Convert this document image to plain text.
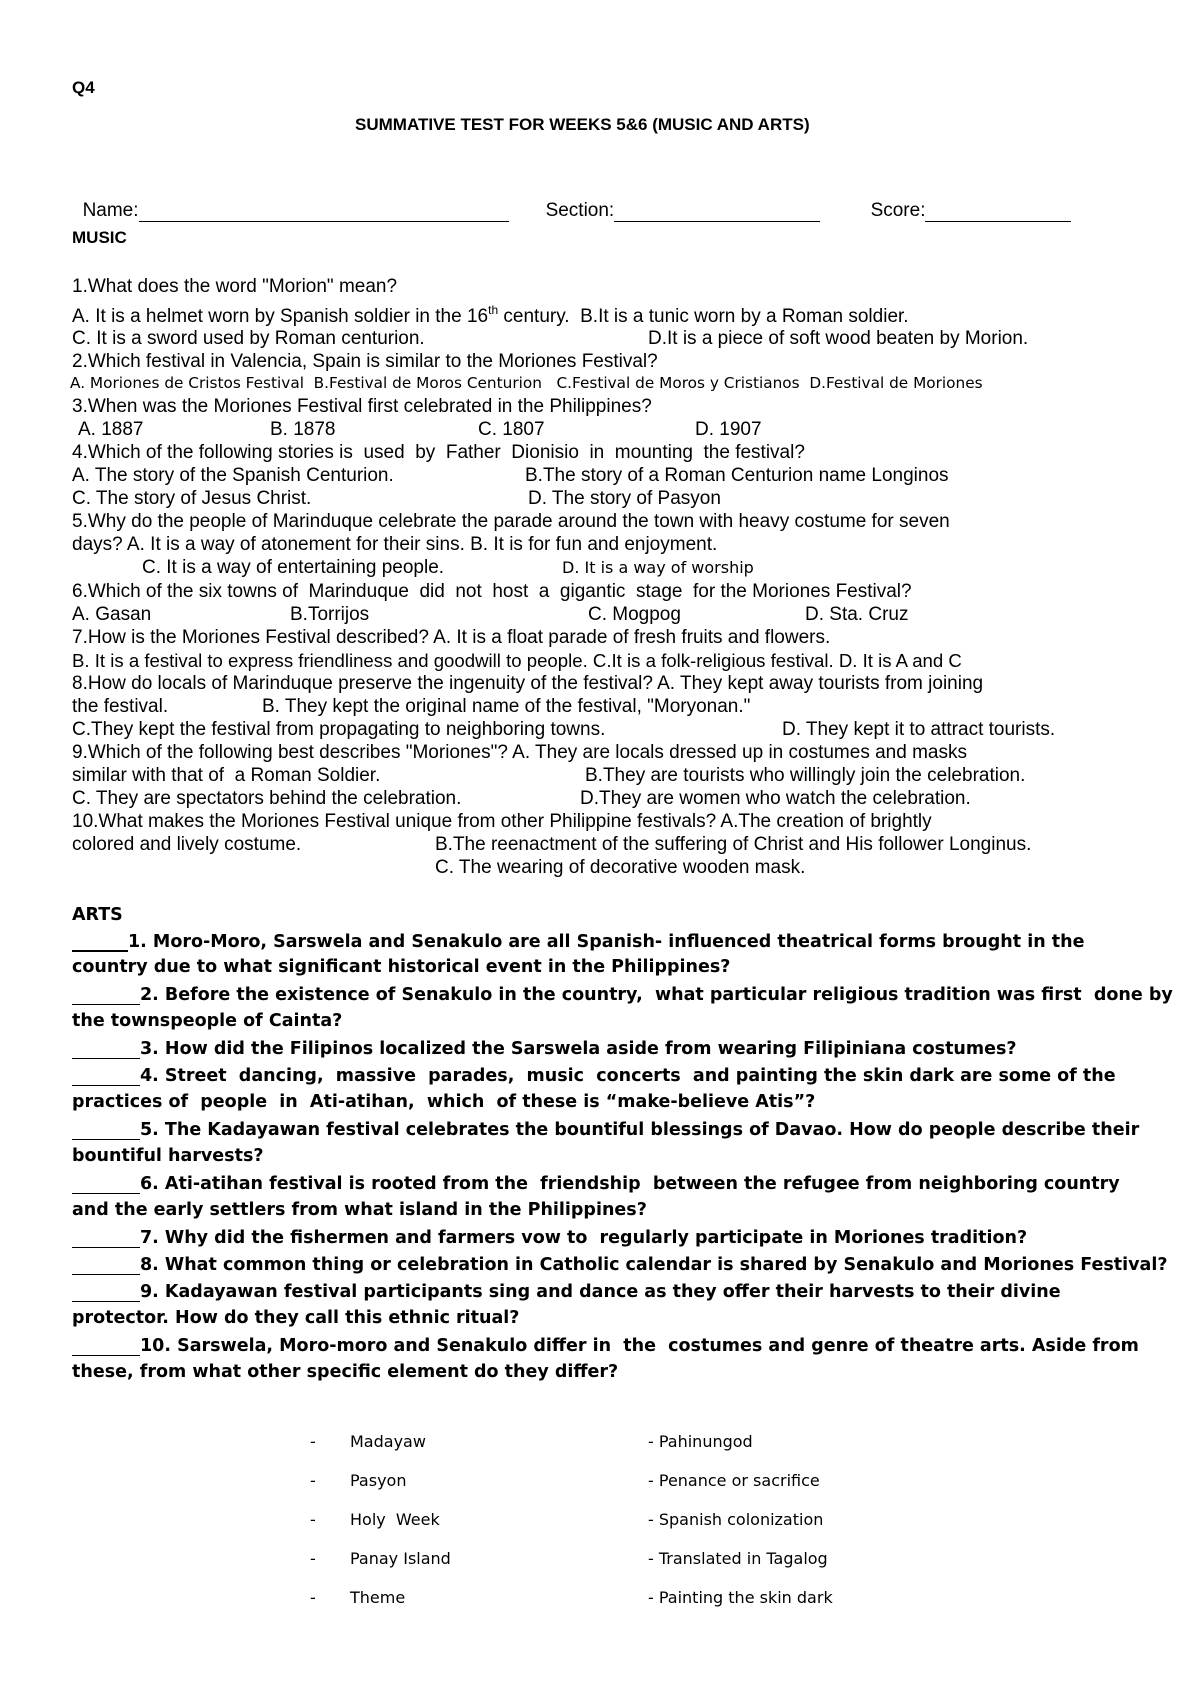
Q4
SUMMATIVE TEST FOR WEEKS 5&6 (MUSIC AND ARTS)

Name:	Section:	Score:

MUSIC
1.What does the word "Morion" mean?
A. It is a helmet worn by Spanish soldier in the 16th century.  B.It is a tunic worn by a Roman soldier.
C. It is a sword used by Roman centurion.	D.It is a piece of soft wood beaten by Morion.
2.Which festival in Valencia, Spain is similar to the Moriones Festival?
A. Moriones de Cristos Festival  B.Festival de Moros Centurion   C.Festival de Moros y Cristianos  D.Festival de Moriones
3.When was the Moriones Festival first celebrated in the Philippines?
A. 1887	B. 1878	C. 1807	D. 1907
4.Which of the following stories is  used  by  Father  Dionisio  in  mounting  the festival?
A. The story of the Spanish Centurion.	B.The story of a Roman Centurion name Longinos
C. The story of Jesus Christ.	D. The story of Pasyon
5.Why do the people of Marinduque celebrate the parade around the town with heavy costume for seven
days? A. It is a way of atonement for their sins. B. It is for fun and enjoyment.
C. It is a way of entertaining people.	D. It is a way of worship
6.Which of the six towns of  Marinduque  did  not  host  a  gigantic  stage  for the Moriones Festival?
A. Gasan	B.Torrijos	C. Mogpog	D. Sta. Cruz
7.How is the Moriones Festival described? A. It is a float parade of fresh fruits and flowers.
B. It is a festival to express friendliness and goodwill to people. C.It is a folk-religious festival. D. It is A and C
8.How do locals of Marinduque preserve the ingenuity of the festival? A. They kept away tourists from joining
the festival.	B. They kept the original name of the festival, "Moryonan."
C.They kept the festival from propagating to neighboring towns.	D. They kept it to attract tourists.
9.Which of the following best describes "Moriones"? A. They are locals dressed up in costumes and masks
similar with that of  a Roman Soldier.	B.They are tourists who willingly join the celebration.
C. They are spectators behind the celebration.	D.They are women who watch the celebration.
10.What makes the Moriones Festival unique from other Philippine festivals? A.The creation of brightly
colored and lively costume.	B.The reenactment of the suffering of Christ and His follower Longinus.
C. The wearing of decorative wooden mask.
ARTS
1. Moro-Moro, Sarswela and Senakulo are all Spanish- influenced theatrical forms brought in the
country due to what significant historical event in the Philippines?
2. Before the existence of Senakulo in the country,  what particular religious tradition was first  done by
the townspeople of Cainta?
3. How did the Filipinos localized the Sarswela aside from wearing Filipiniana costumes?
4. Street  dancing,  massive  parades,  music  concerts  and painting the skin dark are some of the
practices of  people  in  Ati-atihan,  which  of these is “make-believe Atis”?
5. The Kadayawan festival celebrates the bountiful blessings of Davao. How do people describe their
bountiful harvests?
6. Ati-atihan festival is rooted from the  friendship  between the refugee from neighboring country
and the early settlers from what island in the Philippines?
7. Why did the fishermen and farmers vow to  regularly participate in Moriones tradition?
8. What common thing or celebration in Catholic calendar is shared by Senakulo and Moriones Festival?
9. Kadayawan festival participants sing and dance as they offer their harvests to their divine
protector. How do they call this ethnic ritual?
10. Sarswela, Moro-moro and Senakulo differ in  the  costumes and genre of theatre arts. Aside from
these, from what other specific element do they differ?
- Madayaw	- Pahinungod
- Pasyon	- Penance or sacrifice
- Holy  Week	- Spanish colonization
- Panay Island	- Translated in Tagalog
- Theme	- Painting the skin dark
